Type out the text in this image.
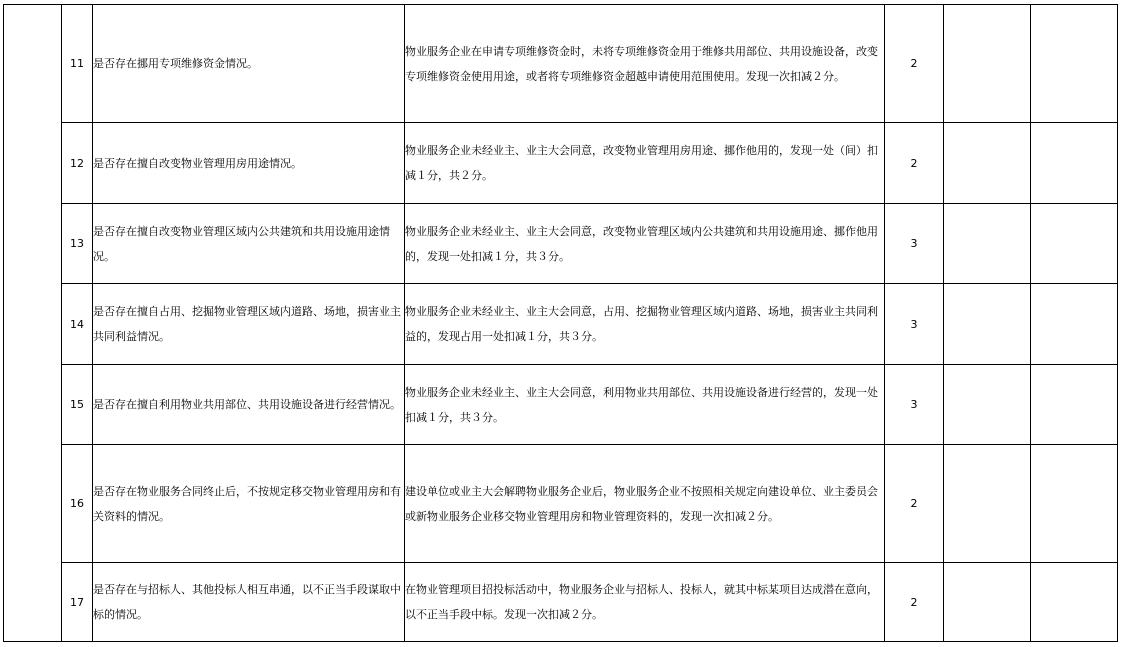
	11	是否存在挪用专项维修资金情况。	物业服务企业在申请专项维修资金时，未将专项维修资金用于维修共用部位、共用设施设备，改变专项维修资金使用用途，或者将专项维修资金超越申请使用范围使用。发现一次扣减２分。	2		
	12	是否存在擅自改变物业管理用房用途情况。	物业服务企业未经业主、业主大会同意，改变物业管理用房用途、挪作他用的，发现一处（间）扣减１分，共２分。	2		
	13	是否存在擅自改变物业管理区域内公共建筑和共用设施用途情况。	物业服务企业未经业主、业主大会同意，改变物业管理区域内公共建筑和共用设施用途、挪作他用的，发现一处扣减１分，共３分。	3		
	14	是否存在擅自占用、挖掘物业管理区域内道路、场地，损害业主共同利益情况。	物业服务企业未经业主、业主大会同意，占用、挖掘物业管理区域内道路、场地，损害业主共同利益的，发现占用一处扣减１分，共３分。	3		
	15	是否存在擅自利用物业共用部位、共用设施设备进行经营情况。	物业服务企业未经业主、业主大会同意，利用物业共用部位、共用设施设备进行经营的，发现一处扣减１分，共３分。	3		
	16	是否存在物业服务合同终止后，不按规定移交物业管理用房和有关资料的情况。	建设单位或业主大会解聘物业服务企业后，物业服务企业不按照相关规定向建设单位、业主委员会或新物业服务企业移交物业管理用房和物业管理资料的，发现一次扣减２分。	2		
	17	是否存在与招标人、其他投标人相互串通，以不正当手段谋取中标的情况。	在物业管理项目招投标活动中，物业服务企业与招标人、投标人，就其中标某项目达成潜在意向，以不正当手段中标。发现一次扣减２分。	2		
